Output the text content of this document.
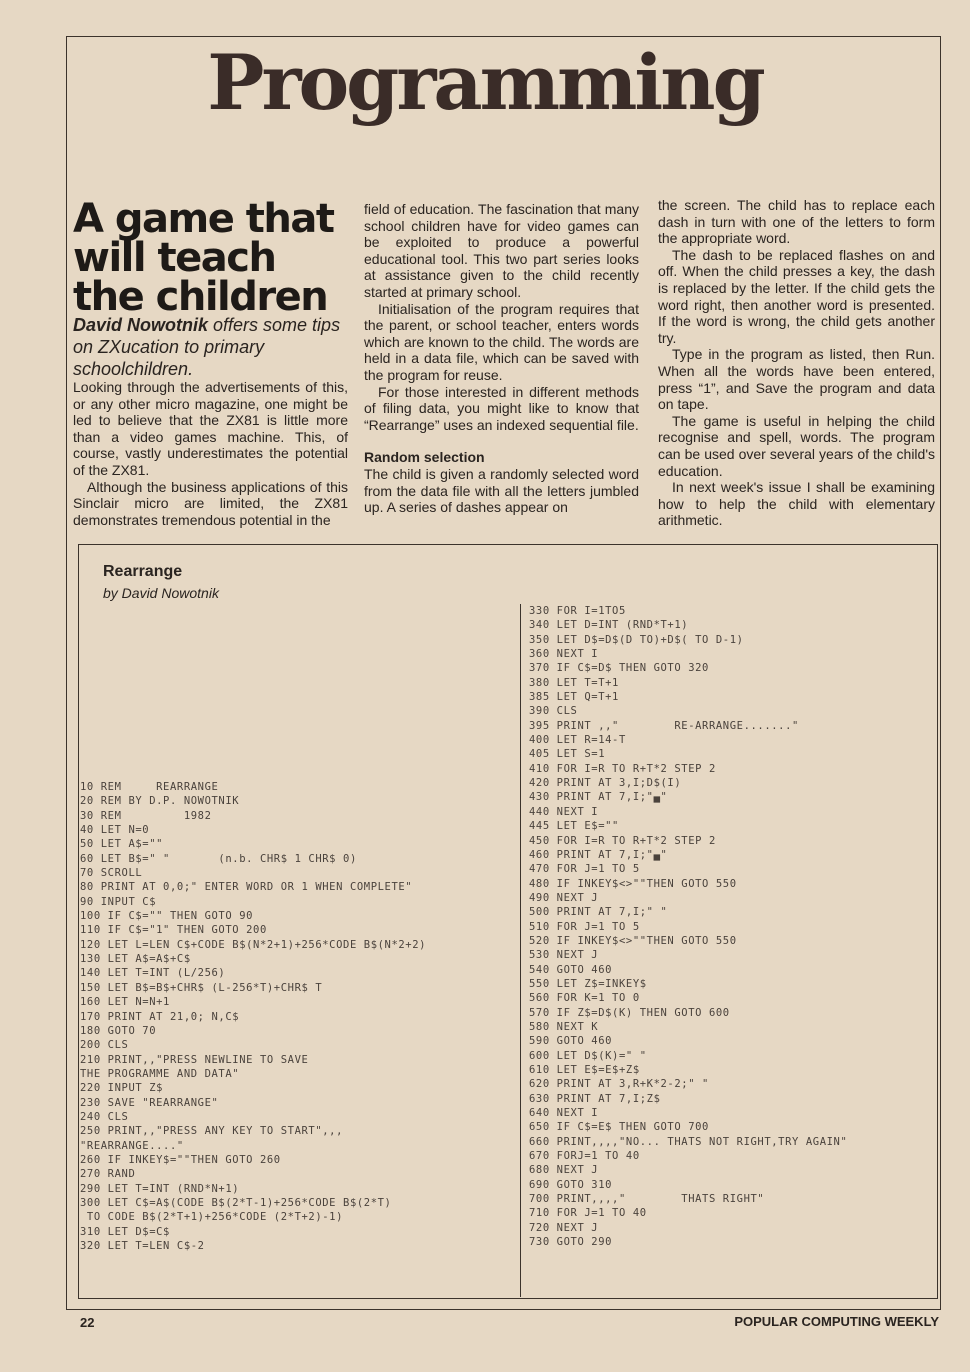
Programming
A game that
will teach
the children

David Nowotnik offers some tips on ZXucation to primary schoolchildren.

Looking through the advertisements of this, or any other micro magazine, one might be led to believe that the ZX81 is little more than a video games machine. This, of course, vastly underestimates the potential of the ZX81.

Although the business applications of this Sinclair micro are limited, the ZX81 demonstrates tremendous potential in the

field of education. The fascination that many school children have for video games can be exploited to produce a powerful educational tool. This two part series looks at assistance given to the child recently started at primary school.

Initialisation of the program requires that the parent, or school teacher, enters words which are known to the child. The words are held in a data file, which can be saved with the program for reuse.

For those interested in different methods of filing data, you might like to know that “Rearrange” uses an indexed sequential file.

Random selection

The child is given a randomly selected word from the data file with all the letters jumbled up. A series of dashes appear on

the screen. The child has to replace each dash in turn with one of the letters to form the appropriate word.

The dash to be replaced flashes on and off. When the child presses a key, the dash is replaced by the letter. If the child gets the word right, then another word is presented. If the word is wrong, the child gets another try.

Type in the program as listed, then Run. When all the words have been entered, press “1”, and Save the program and data on tape.

The game is useful in helping the child recognise and spell, words. The program can be used over several years of the child's education.

In next week's issue I shall be examining how to help the child with elementary arithmetic.

Rearrange
by David Nowotnik
10 REM     REARRANGE
20 REM BY D.P. NOWOTNIK
30 REM         1982
40 LET N=0
50 LET A$=""
60 LET B$=" "       (n.b. CHR$ 1 CHR$ 0)
70 SCROLL
80 PRINT AT 0,0;" ENTER WORD OR 1 WHEN COMPLETE"
90 INPUT C$
100 IF C$="" THEN GOTO 90
110 IF C$="1" THEN GOTO 200
120 LET L=LEN C$+CODE B$(N*2+1)+256*CODE B$(N*2+2)
130 LET A$=A$+C$
140 LET T=INT (L/256)
150 LET B$=B$+CHR$ (L-256*T)+CHR$ T
160 LET N=N+1
170 PRINT AT 21,0; N,C$
180 GOTO 70
200 CLS
210 PRINT,,"PRESS NEWLINE TO SAVE
THE PROGRAMME AND DATA"
220 INPUT Z$
230 SAVE "REARRANGE"
240 CLS
250 PRINT,,"PRESS ANY KEY TO START",,,
"REARRANGE...."
260 IF INKEY$=""THEN GOTO 260
270 RAND
290 LET T=INT (RND*N+1)
300 LET C$=A$(CODE B$(2*T-1)+256*CODE B$(2*T)
TO CODE B$(2*T+1)+256*CODE (2*T+2)-1)
310 LET D$=C$
320 LET T=LEN C$-2
330 FOR I=1TO5
340 LET D=INT (RND*T+1)
350 LET D$=D$(D TO)+D$( TO D-1)
360 NEXT I
370 IF C$=D$ THEN GOTO 320
380 LET T=T+1
385 LET Q=T+1
390 CLS
395 PRINT ,,"        RE-ARRANGE......."
400 LET R=14-T
405 LET S=1
410 FOR I=R TO R+T*2 STEP 2
420 PRINT AT 3,I;D$(I)
430 PRINT AT 7,I;"▄"
440 NEXT I
445 LET E$=""
450 FOR I=R TO R+T*2 STEP 2
460 PRINT AT 7,I;"▄"
470 FOR J=1 TO 5
480 IF INKEY$<>""THEN GOTO 550
490 NEXT J
500 PRINT AT 7,I;" "
510 FOR J=1 TO 5
520 IF INKEY$<>""THEN GOTO 550
530 NEXT J
540 GOTO 460
550 LET Z$=INKEY$
560 FOR K=1 TO 0
570 IF Z$=D$(K) THEN GOTO 600
580 NEXT K
590 GOTO 460
600 LET D$(K)=" "
610 LET E$=E$+Z$
620 PRINT AT 3,R+K*2-2;" "
630 PRINT AT 7,I;Z$
640 NEXT I
650 IF C$=E$ THEN GOTO 700
660 PRINT,,,,"NO... THATS NOT RIGHT,TRY AGAIN"
670 FORJ=1 TO 40
680 NEXT J
690 GOTO 310
700 PRINT,,,,"        THATS RIGHT"
710 FOR J=1 TO 40
720 NEXT J
730 GOTO 290
22	POPULAR COMPUTING WEEKLY
